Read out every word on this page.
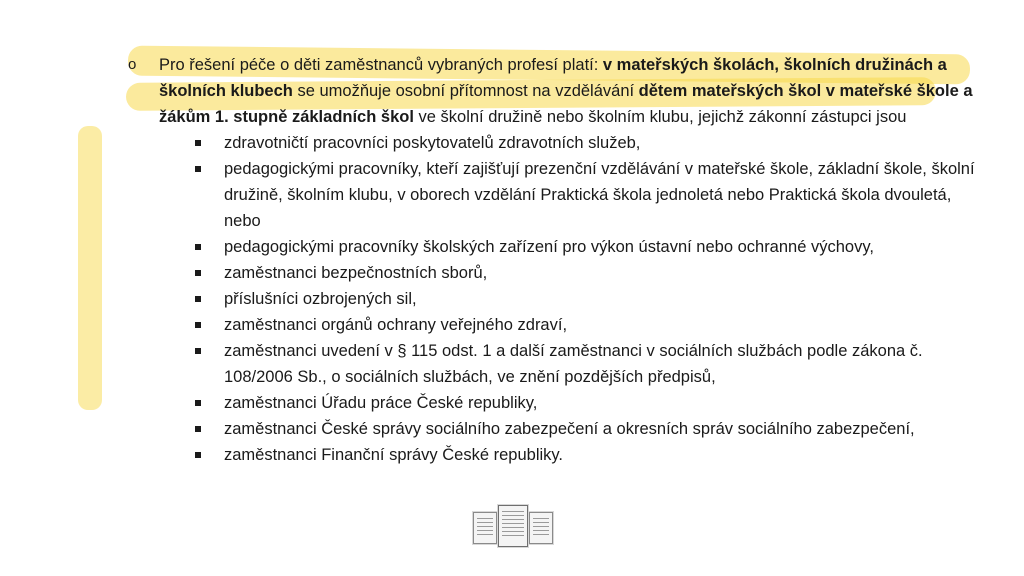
o Pro řešení péče o děti zaměstnanců vybraných profesí platí: v mateřských školách, školních družinách a školních klubech se umožňuje osobní přítomnost na vzdělávání dětem mateřských škol v mateřské škole a žákům 1. stupně základních škol ve školní družině nebo školním klubu, jejichž zákonní zástupci jsou
zdravotničtí pracovníci poskytovatelů zdravotních služeb,
pedagogickými pracovníky, kteří zajišťují prezenční vzdělávání v mateřské škole, základní škole, školní družině, školním klubu, v oborech vzdělání Praktická škola jednoletá nebo Praktická škola dvouletá, nebo
pedagogickými pracovníky školských zařízení pro výkon ústavní nebo ochranné výchovy,
zaměstnanci bezpečnostních sborů,
příslušníci ozbrojených sil,
zaměstnanci orgánů ochrany veřejného zdraví,
zaměstnanci uvedení v § 115 odst. 1 a další zaměstnanci v sociálních službách podle zákona č. 108/2006 Sb., o sociálních službách, ve znění pozdějších předpisů,
zaměstnanci Úřadu práce České republiky,
zaměstnanci České správy sociálního zabezpečení a okresních správ sociálního zabezpečení,
zaměstnanci Finanční správy České republiky.
